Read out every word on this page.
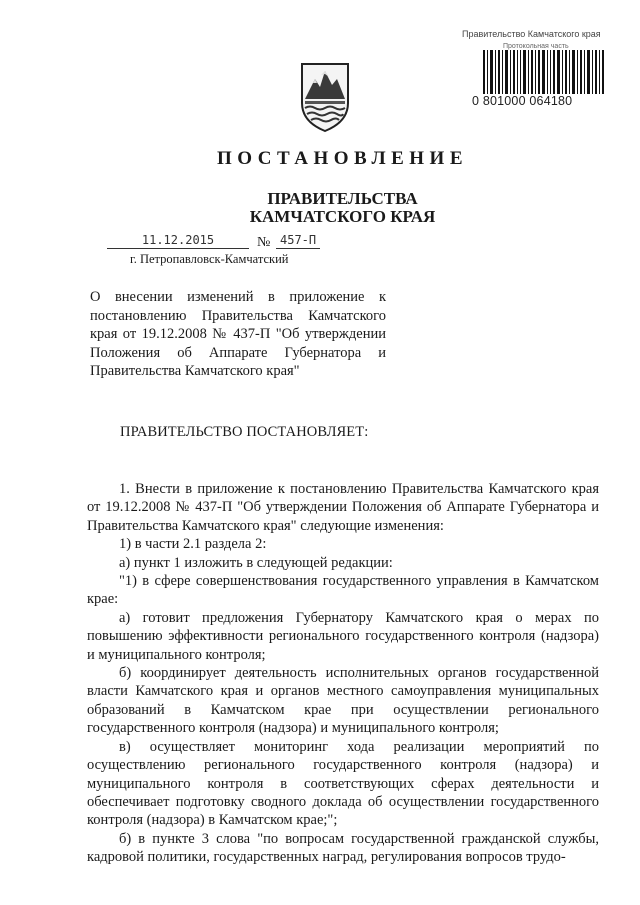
Правительство Камчатского края
Протокольная часть
0 801000 064180
ПОСТАНОВЛЕНИЕ
ПРАВИТЕЛЬСТВА
КАМЧАТСКОГО КРАЯ
11.12.2015	№ 457-П
г. Петропавловск-Камчатский
О внесении изменений в приложение к постановлению Правительства Камчатского края от 19.12.2008 № 437-П "Об утверждении Положения об Аппарате Губернатора и Правительства Камчатского края"
ПРАВИТЕЛЬСТВО ПОСТАНОВЛЯЕТ:

1. Внести в приложение к постановлению Правительства Камчатского края от 19.12.2008 № 437-П "Об утверждении Положения об Аппарате Губернатора и Правительства Камчатского края" следующие изменения:

1) в части 2.1 раздела 2:

а) пункт 1 изложить в следующей редакции:

"1) в сфере совершенствования государственного управления в Камчатском крае:

а) готовит предложения Губернатору Камчатского края о мерах по повышению эффективности регионального государственного контроля (надзора) и муниципального контроля;

б) координирует деятельность исполнительных органов государственной власти Камчатского края и органов местного самоуправления муниципальных образований в Камчатском крае при осуществлении регионального государственного контроля (надзора) и муниципального контроля;

в) осуществляет мониторинг хода реализации мероприятий по осуществлению регионального государственного контроля (надзора) и муниципального контроля в соответствующих сферах деятельности и обеспечивает подготовку сводного доклада об осуществлении государственного контроля (надзора) в Камчатском крае;";

б) в пункте 3 слова "по вопросам государственной гражданской службы, кадровой политики, государственных наград, регулирования вопросов трудо-
